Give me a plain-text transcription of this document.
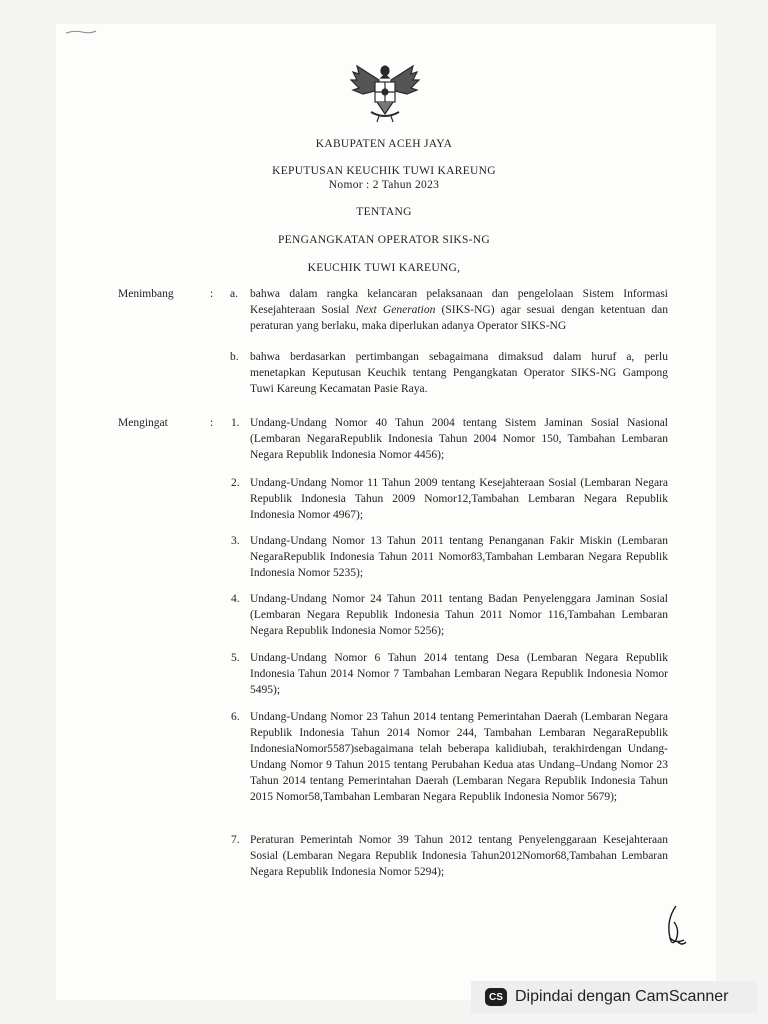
KABUPATEN ACEH JAYA
KEPUTUSAN KEUCHIK TUWI KAREUNG
Nomor : 2 Tahun 2023
TENTANG
PENGANGKATAN OPERATOR SIKS-NG
KEUCHIK TUWI KAREUNG,
Menimbang	: a. bahwa dalam rangka kelancaran pelaksanaan dan pengelolaan Sistem Informasi Kesejahteraan Sosial Next Generation (SIKS-NG) agar sesuai dengan ketentuan dan peraturan yang berlaku, maka diperlukan adanya Operator SIKS-NG

b. bahwa berdasarkan pertimbangan sebagaimana dimaksud dalam huruf a, perlu menetapkan Keputusan Keuchik tentang Pengangkatan Operator SIKS-NG Gampong Tuwi Kareung Kecamatan Pasie Raya.

Mengingat	: 1. Undang-Undang Nomor 40 Tahun 2004 tentang Sistem Jaminan Sosial Nasional (Lembaran NegaraRepublik Indonesia Tahun 2004 Nomor 150, Tambahan Lembaran Negara Republik Indonesia Nomor 4456);

2. Undang-Undang Nomor 11 Tahun 2009 tentang Kesejahteraan Sosial (Lembaran Negara Republik Indonesia Tahun 2009 Nomor12,Tambahan Lembaran Negara Republik Indonesia Nomor 4967);

3. Undang-Undang Nomor 13 Tahun 2011 tentang Penanganan Fakir Miskin (Lembaran NegaraRepublik Indonesia Tahun 2011 Nomor83,Tambahan Lembaran Negara Republik Indonesia Nomor 5235);

4. Undang-Undang Nomor 24 Tahun 2011 tentang Badan Penyelenggara Jaminan Sosial (Lembaran Negara Republik Indonesia Tahun 2011 Nomor 116,Tambahan Lembaran Negara Republik Indonesia Nomor 5256);

5. Undang-Undang Nomor 6 Tahun 2014 tentang Desa (Lembaran Negara Republik Indonesia Tahun 2014 Nomor 7 Tambahan Lembaran Negara Republik Indonesia Nomor 5495);

6. Undang-Undang Nomor 23 Tahun 2014 tentang Pemerintahan Daerah (Lembaran Negara Republik Indonesia Tahun 2014 Nomor 244, Tambahan Lembaran NegaraRepublik IndonesiaNomor5587)sebagaimana telah beberapa kalidiubah, terakhirdengan Undang- Undang Nomor 9 Tahun 2015 tentang Perubahan Kedua atas Undang–Undang Nomor 23 Tahun 2014 tentang Pemerintahan Daerah (Lembaran Negara Republik Indonesia Tahun 2015 Nomor58,Tambahan Lembaran Negara Republik Indonesia Nomor 5679);

7. Peraturan Pemerintah Nomor 39 Tahun 2012 tentang Penyelenggaraan Kesejahteraan Sosial (Lembaran Negara Republik Indonesia Tahun2012Nomor68,Tambahan Lembaran Negara Republik Indonesia Nomor 5294);

CS Dipindai dengan CamScanner
